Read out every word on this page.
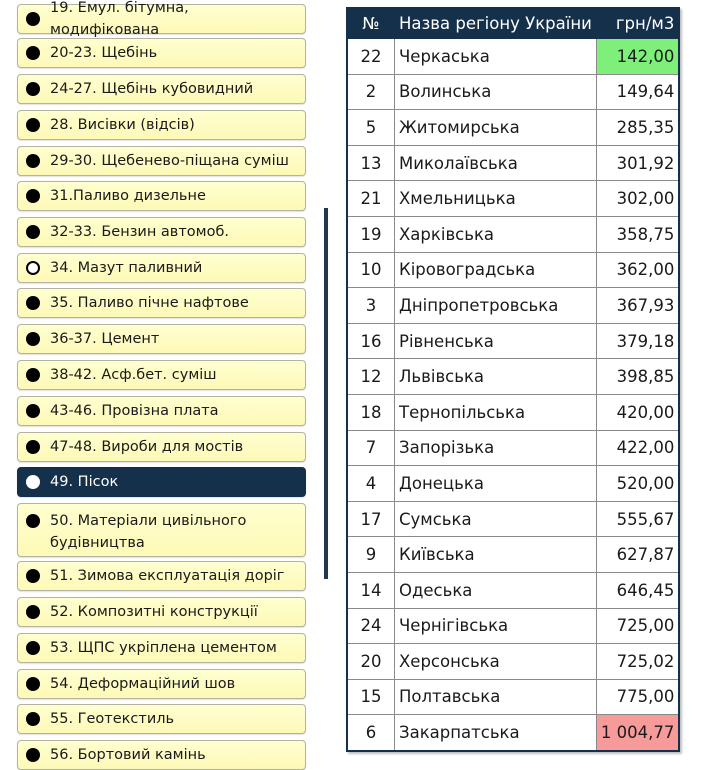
19. Емул. бітумна, модифікована
20-23. Щебінь
24-27. Щебінь кубовидний
28. Висівки (відсів)
29-30. Щебенево-піщана суміш
31.Паливо дизельне
32-33. Бензин автомоб.
34. Мазут паливний
35. Паливо пічне нафтове
36-37. Цемент
38-42. Асф.бет. суміш
43-46. Провізна плата
47-48. Вироби для мостів
49. Пісок
50. Матеріали цивільного будівництва
51. Зимова експлуатація доріг
52. Композитні конструкції
53. ЩПС укріплена цементом
54. Деформаційний шов
55. Геотекстиль
56. Бортовий камінь
№	Назва регіону України	грн/м3
22	Черкаська	142,00
2	Волинська	149,64
5	Житомирська	285,35
13	Миколаївська	301,92
21	Хмельницька	302,00
19	Харківська	358,75
10	Кіровоградська	362,00
3	Дніпропетровська	367,93
16	Рівненська	379,18
12	Львівська	398,85
18	Тернопільська	420,00
7	Запорізька	422,00
4	Донецька	520,00
17	Сумська	555,67
9	Київська	627,87
14	Одеська	646,45
24	Чернігівська	725,00
20	Херсонська	725,02
15	Полтавська	775,00
6	Закарпатська	1 004,77
